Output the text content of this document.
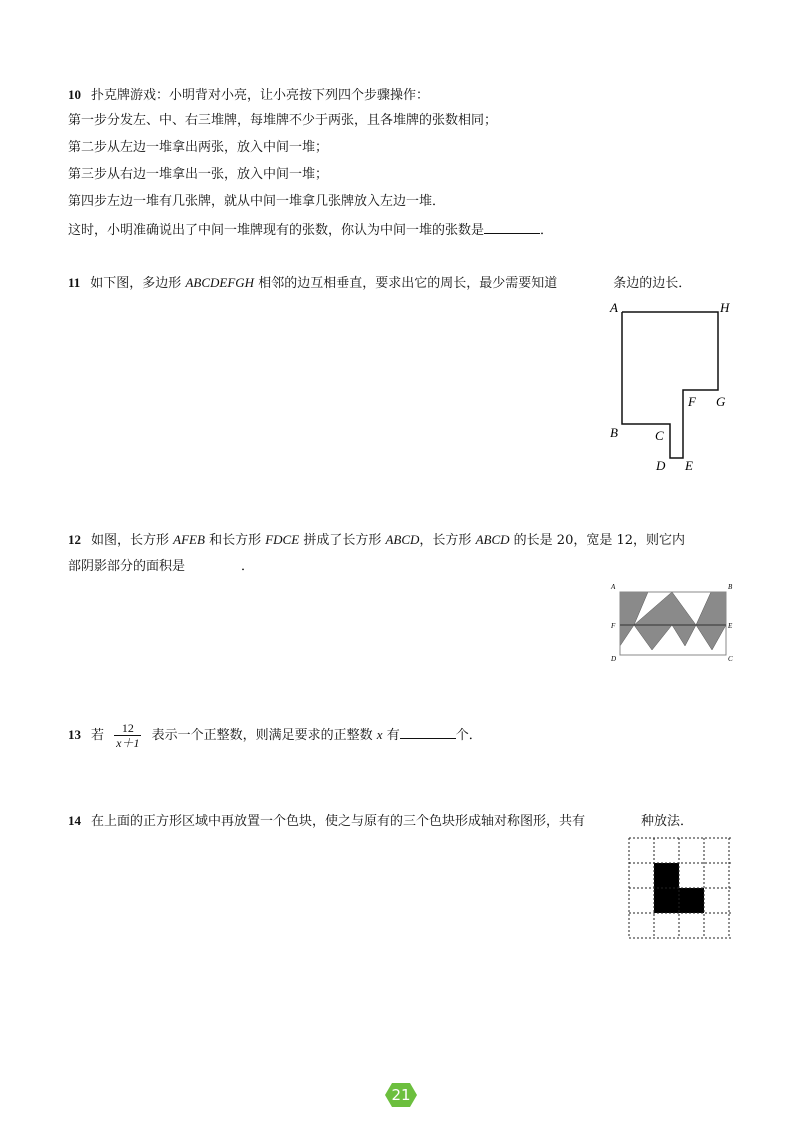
10 扑克牌游戏：小明背对小亮，让小亮按下列四个步骤操作：
第一步分发左、中、右三堆牌，每堆牌不少于两张，且各堆牌的张数相同；
第二步从左边一堆拿出两张，放入中间一堆；
第三步从右边一堆拿出一张，放入中间一堆；
第四步左边一堆有几张牌，就从中间一堆拿几张牌放入左边一堆．
这时，小明准确说出了中间一堆牌现有的张数，你认为中间一堆的张数是	．
11 如下图，多边形 ABCDEFGH 相邻的边互相垂直，要求出它的周长，最少需要知道	条边的边长．
A	H
G
F
B	C
D E
12 如图，长方形 AFEB 和长方形 FDCE 拼成了长方形 ABCD，长方形 ABCD 的长是 20，宽是 12，则它内
部阴影部分的面积是	．
A	B
F	E
D	C
13 若 $\frac{12}{x+1}$ 表示一个正整数，则满足要求的正整数 x 有	个．
14 在上面的正方形区域中再放置一个色块，使之与原有的三个色块形成轴对称图形，共有	种放法．
21
